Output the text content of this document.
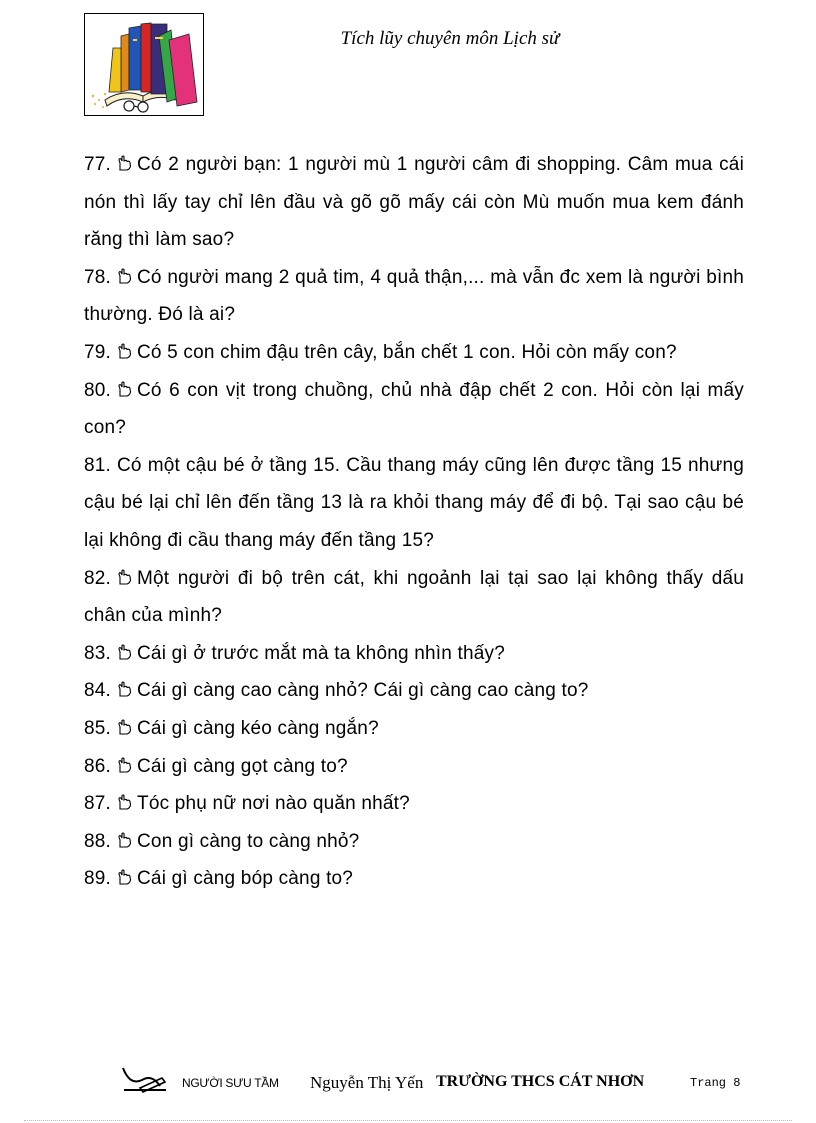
Tích lũy chuyên môn Lịch sử

77. Có 2 người bạn: 1 người mù 1 người câm đi shopping. Câm mua cái nón thì lấy tay chỉ lên đầu và gõ gõ mấy cái còn Mù muốn mua kem đánh răng thì làm sao?

78. Có người mang 2 quả tim, 4 quả thận,... mà vẫn đc xem là người bình thường. Đó là ai?

79. Có 5 con chim đậu trên cây, bắn chết 1 con. Hỏi còn mấy con?

80. Có 6 con vịt trong chuồng, chủ nhà đập chết 2 con. Hỏi còn lại mấy con?

81. Có một cậu bé ở tầng 15. Cầu thang máy cũng lên được tầng 15 nhưng cậu bé lại chỉ lên đến tầng 13 là ra khỏi thang máy để đi bộ. Tại sao cậu bé lại không đi cầu thang máy đến tầng 15?

82. Một người đi bộ trên cát, khi ngoảnh lại tại sao lại không thấy dấu chân của mình?

83. Cái gì ở trước mắt mà ta không nhìn thấy?

84. Cái gì càng cao càng nhỏ? Cái gì càng cao càng to?

85. Cái gì càng kéo càng ngắn?

86. Cái gì càng gọt càng to?

87. Tóc phụ nữ nơi nào quăn nhất?

88. Con gì càng to càng nhỏ?

89. Cái gì càng bóp càng to?

NGƯỜI SƯU TẦM Nguyễn Thị Yến TRƯỜNG THCS CÁT NHƠN	Trang 8
